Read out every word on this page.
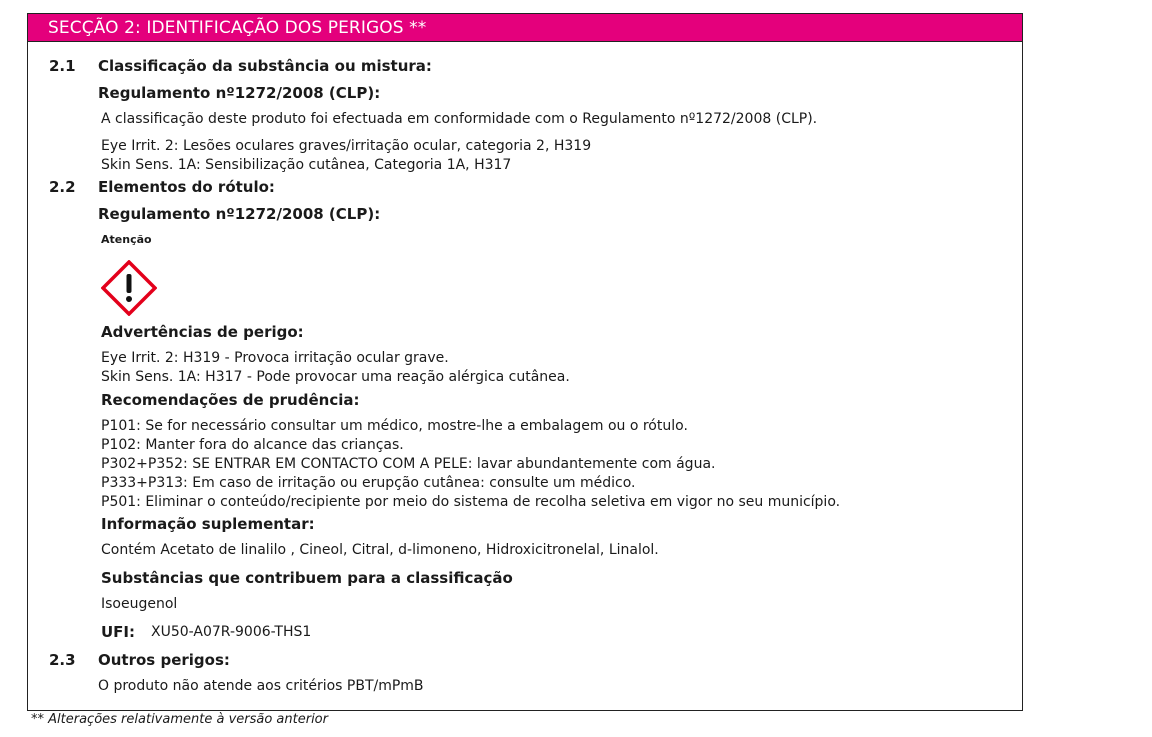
SECÇÃO 2: IDENTIFICAÇÃO DOS PERIGOS **
2.1 Classificação da substância ou mistura:
Regulamento nº1272/2008 (CLP):
A classificação deste produto foi efectuada em conformidade com o Regulamento nº1272/2008 (CLP).
Eye Irrit. 2: Lesões oculares graves/irritação ocular, categoria 2, H319
Skin Sens. 1A: Sensibilização cutânea, Categoria 1A, H317
2.2 Elementos do rótulo:
Regulamento nº1272/2008 (CLP):
Atenção
Advertências de perigo:
Eye Irrit. 2: H319 - Provoca irritação ocular grave.
Skin Sens. 1A: H317 - Pode provocar uma reação alérgica cutânea.
Recomendações de prudência:
P101: Se for necessário consultar um médico, mostre-lhe a embalagem ou o rótulo.
P102: Manter fora do alcance das crianças.
P302+P352: SE ENTRAR EM CONTACTO COM A PELE: lavar abundantemente com água.
P333+P313: Em caso de irritação ou erupção cutânea: consulte um médico.
P501: Eliminar o conteúdo/recipiente por meio do sistema de recolha seletiva em vigor no seu município.
Informação suplementar:
Contém Acetato de linalilo , Cineol, Citral, d-limoneno, Hidroxicitronelal, Linalol.
Substâncias que contribuem para a classificação
Isoeugenol
UFI: XU50-A07R-9006-THS1
2.3 Outros perigos:
O produto não atende aos critérios PBT/mPmB
** Alterações relativamente à versão anterior
